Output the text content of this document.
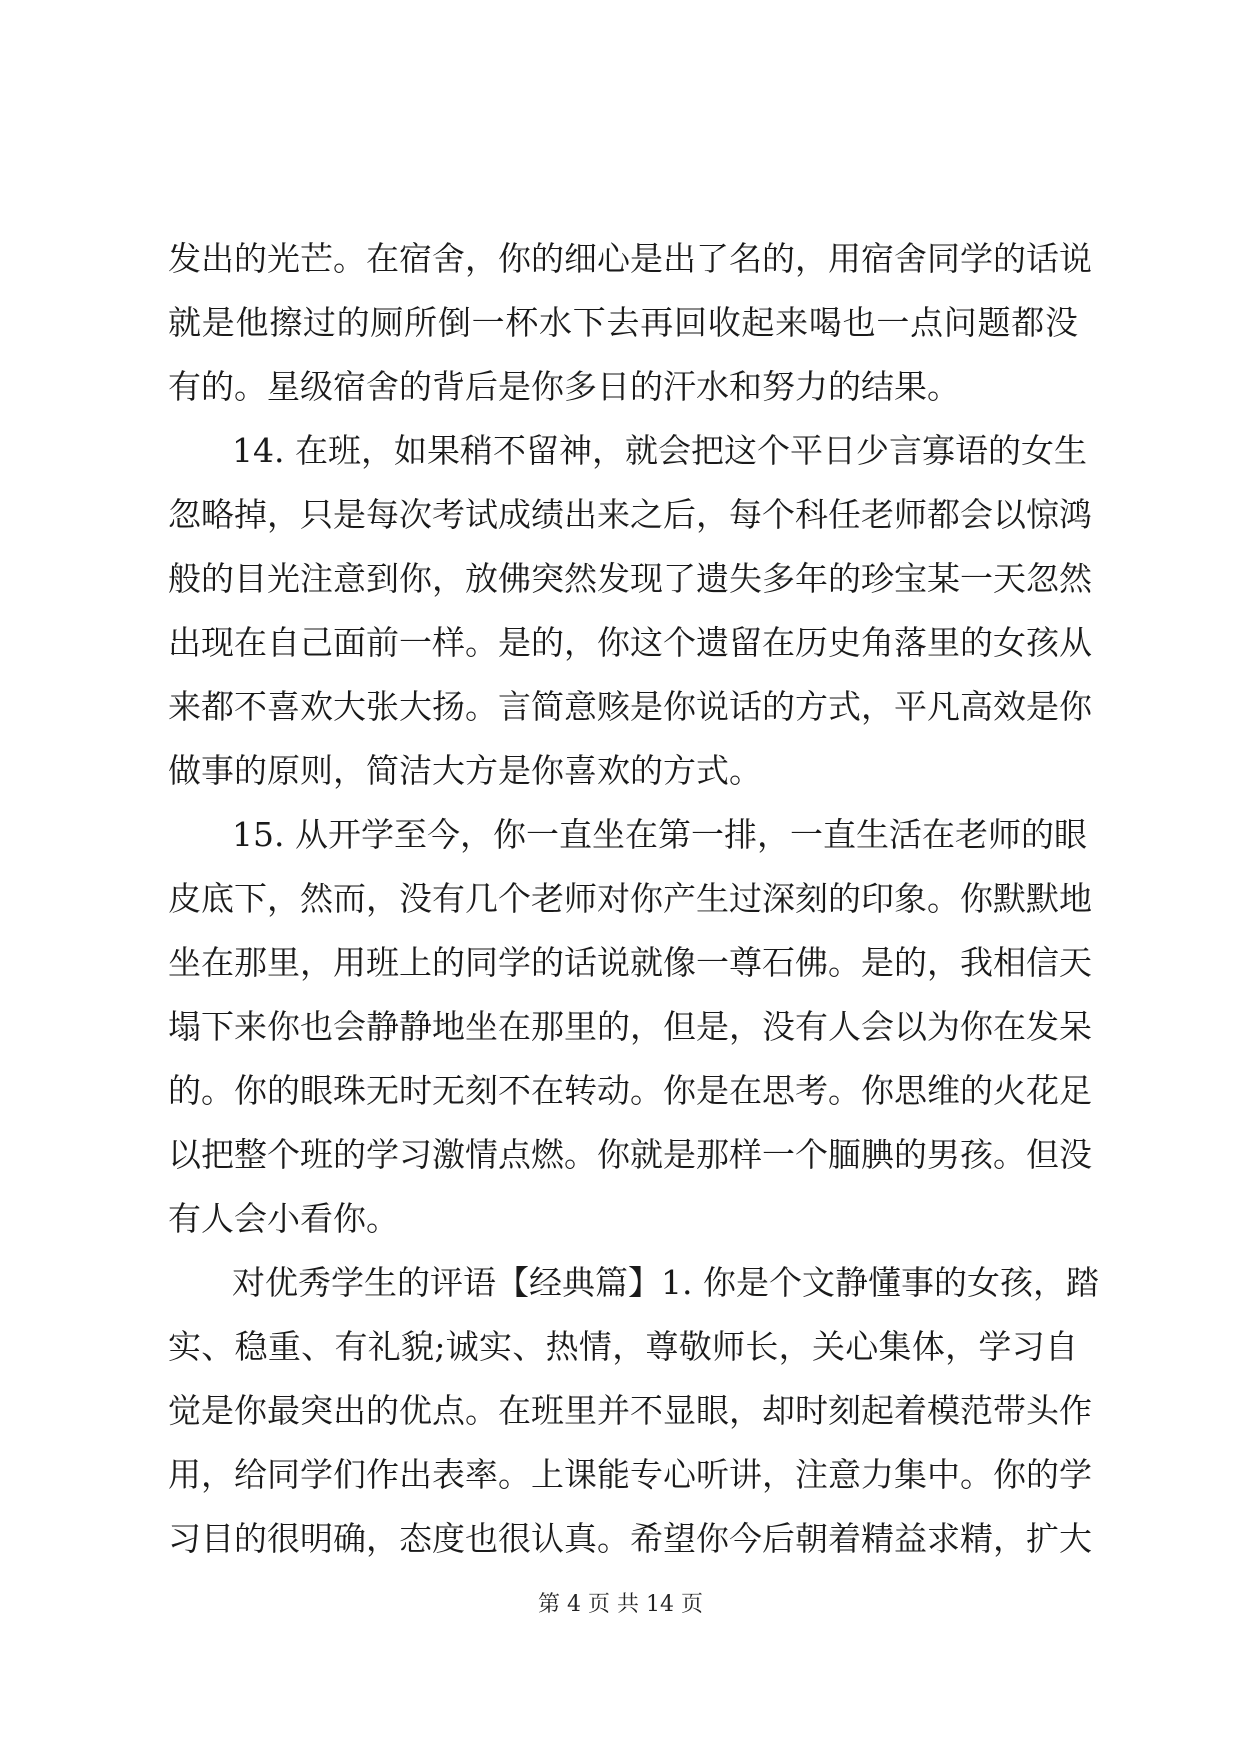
发出的光芒。在宿舍，你的细心是出了名的，用宿舍同学的话说
就是他擦过的厕所倒一杯水下去再回收起来喝也一点问题都没
有的。星级宿舍的背后是你多日的汗水和努力的结果。
14. 在班，如果稍不留神，就会把这个平日少言寡语的女生
忽略掉，只是每次考试成绩出来之后，每个科任老师都会以惊鸿
般的目光注意到你，放佛突然发现了遗失多年的珍宝某一天忽然
出现在自己面前一样。是的，你这个遗留在历史角落里的女孩从
来都不喜欢大张大扬。言简意赅是你说话的方式，平凡高效是你
做事的原则，简洁大方是你喜欢的方式。
15. 从开学至今，你一直坐在第一排，一直生活在老师的眼
皮底下，然而，没有几个老师对你产生过深刻的印象。你默默地
坐在那里，用班上的同学的话说就像一尊石佛。是的，我相信天
塌下来你也会静静地坐在那里的，但是，没有人会以为你在发呆
的。你的眼珠无时无刻不在转动。你是在思考。你思维的火花足
以把整个班的学习激情点燃。你就是那样一个腼腆的男孩。但没
有人会小看你。
对优秀学生的评语【经典篇】1. 你是个文静懂事的女孩，踏
实、稳重、有礼貌;诚实、热情，尊敬师长，关心集体，学习自
觉是你最突出的优点。在班里并不显眼，却时刻起着模范带头作
用，给同学们作出表率。上课能专心听讲，注意力集中。你的学
习目的很明确，态度也很认真。希望你今后朝着精益求精，扩大
第 4 页 共 14 页
